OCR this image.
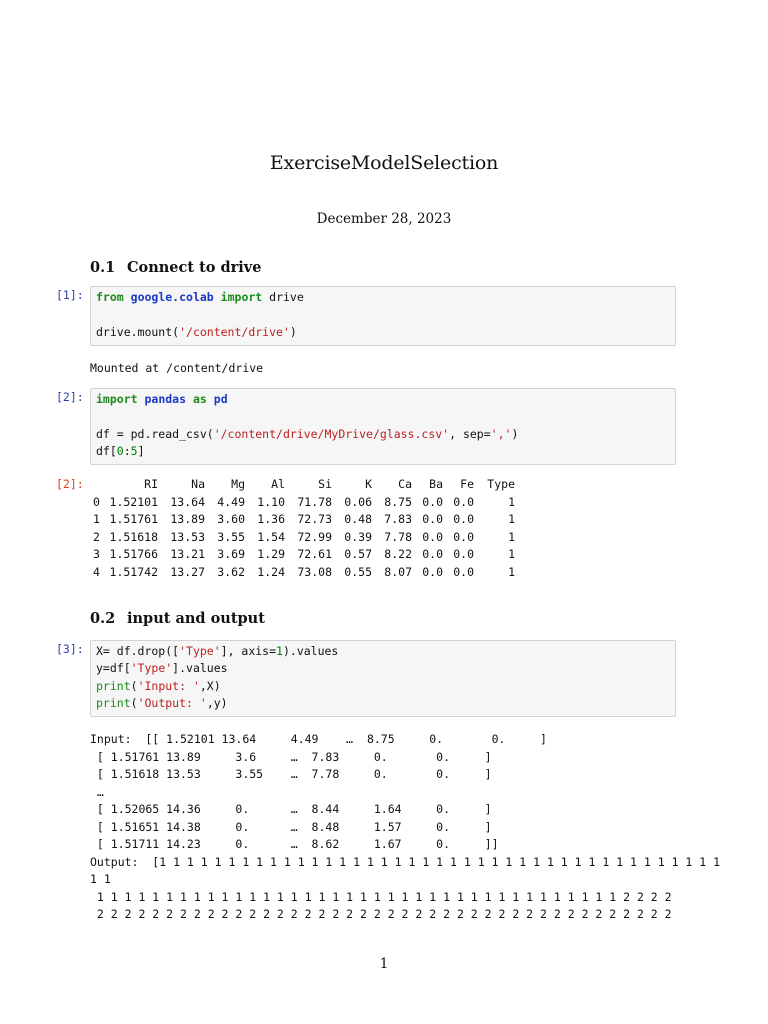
ExerciseModelSelection
December 28, 2023
0.1 Connect to drive
[1]:	from google.colab import drive
drive.mount('/content/drive')
Mounted at /content/drive
[2]:	import pandas as pd
df = pd.read_csv('/content/drive/MyDrive/glass.csv', sep=',')
df[0:5]
[2]:
		RI	Na	Mg	Al	Si	K	Ca	Ba	Fe	Type
0	1.52101	13.64	4.49	1.10	71.78	0.06	8.75	0.0	0.0	1
1	1.51761	13.89	3.60	1.36	72.73	0.48	7.83	0.0	0.0	1
2	1.51618	13.53	3.55	1.54	72.99	0.39	7.78	0.0	0.0	1
3	1.51766	13.21	3.69	1.29	72.61	0.57	8.22	0.0	0.0	1
4	1.51742	13.27	3.62	1.24	73.08	0.55	8.07	0.0	0.0	1
0.2 input and output
[3]:	X= df.drop(['Type'], axis=1).values
y=df['Type'].values
print('Input: ',X)
print('Output: ',y)
Input:  [[ 1.52101 13.64     4.49    …  8.75     0.       0.     ]
[ 1.51761 13.89     3.6     …  7.83     0.       0.     ]
[ 1.51618 13.53     3.55    …  7.78     0.       0.     ]
…
[ 1.52065 14.36     0.      …  8.44     1.64     0.     ]
[ 1.51651 14.38     0.      …  8.48     1.57     0.     ]
[ 1.51711 14.23     0.      …  8.62     1.67     0.     ]]
Output:  [1 1 1 1 1 1 1 1 1 1 1 1 1 1 1 1 1 1 1 1 1 1 1 1 1 1 1 1 1 1 1 1 1 1 1 1 1 1 1 1 1
1 1
1 1 1 1 1 1 1 1 1 1 1 1 1 1 1 1 1 1 1 1 1 1 1 1 1 1 1 1 1 1 1 1 1 1 1 1 1 1 2 2 2 2
2 2 2 2 2 2 2 2 2 2 2 2 2 2 2 2 2 2 2 2 2 2 2 2 2 2 2 2 2 2 2 2 2 2 2 2 2 2 2 2 2 2
1
